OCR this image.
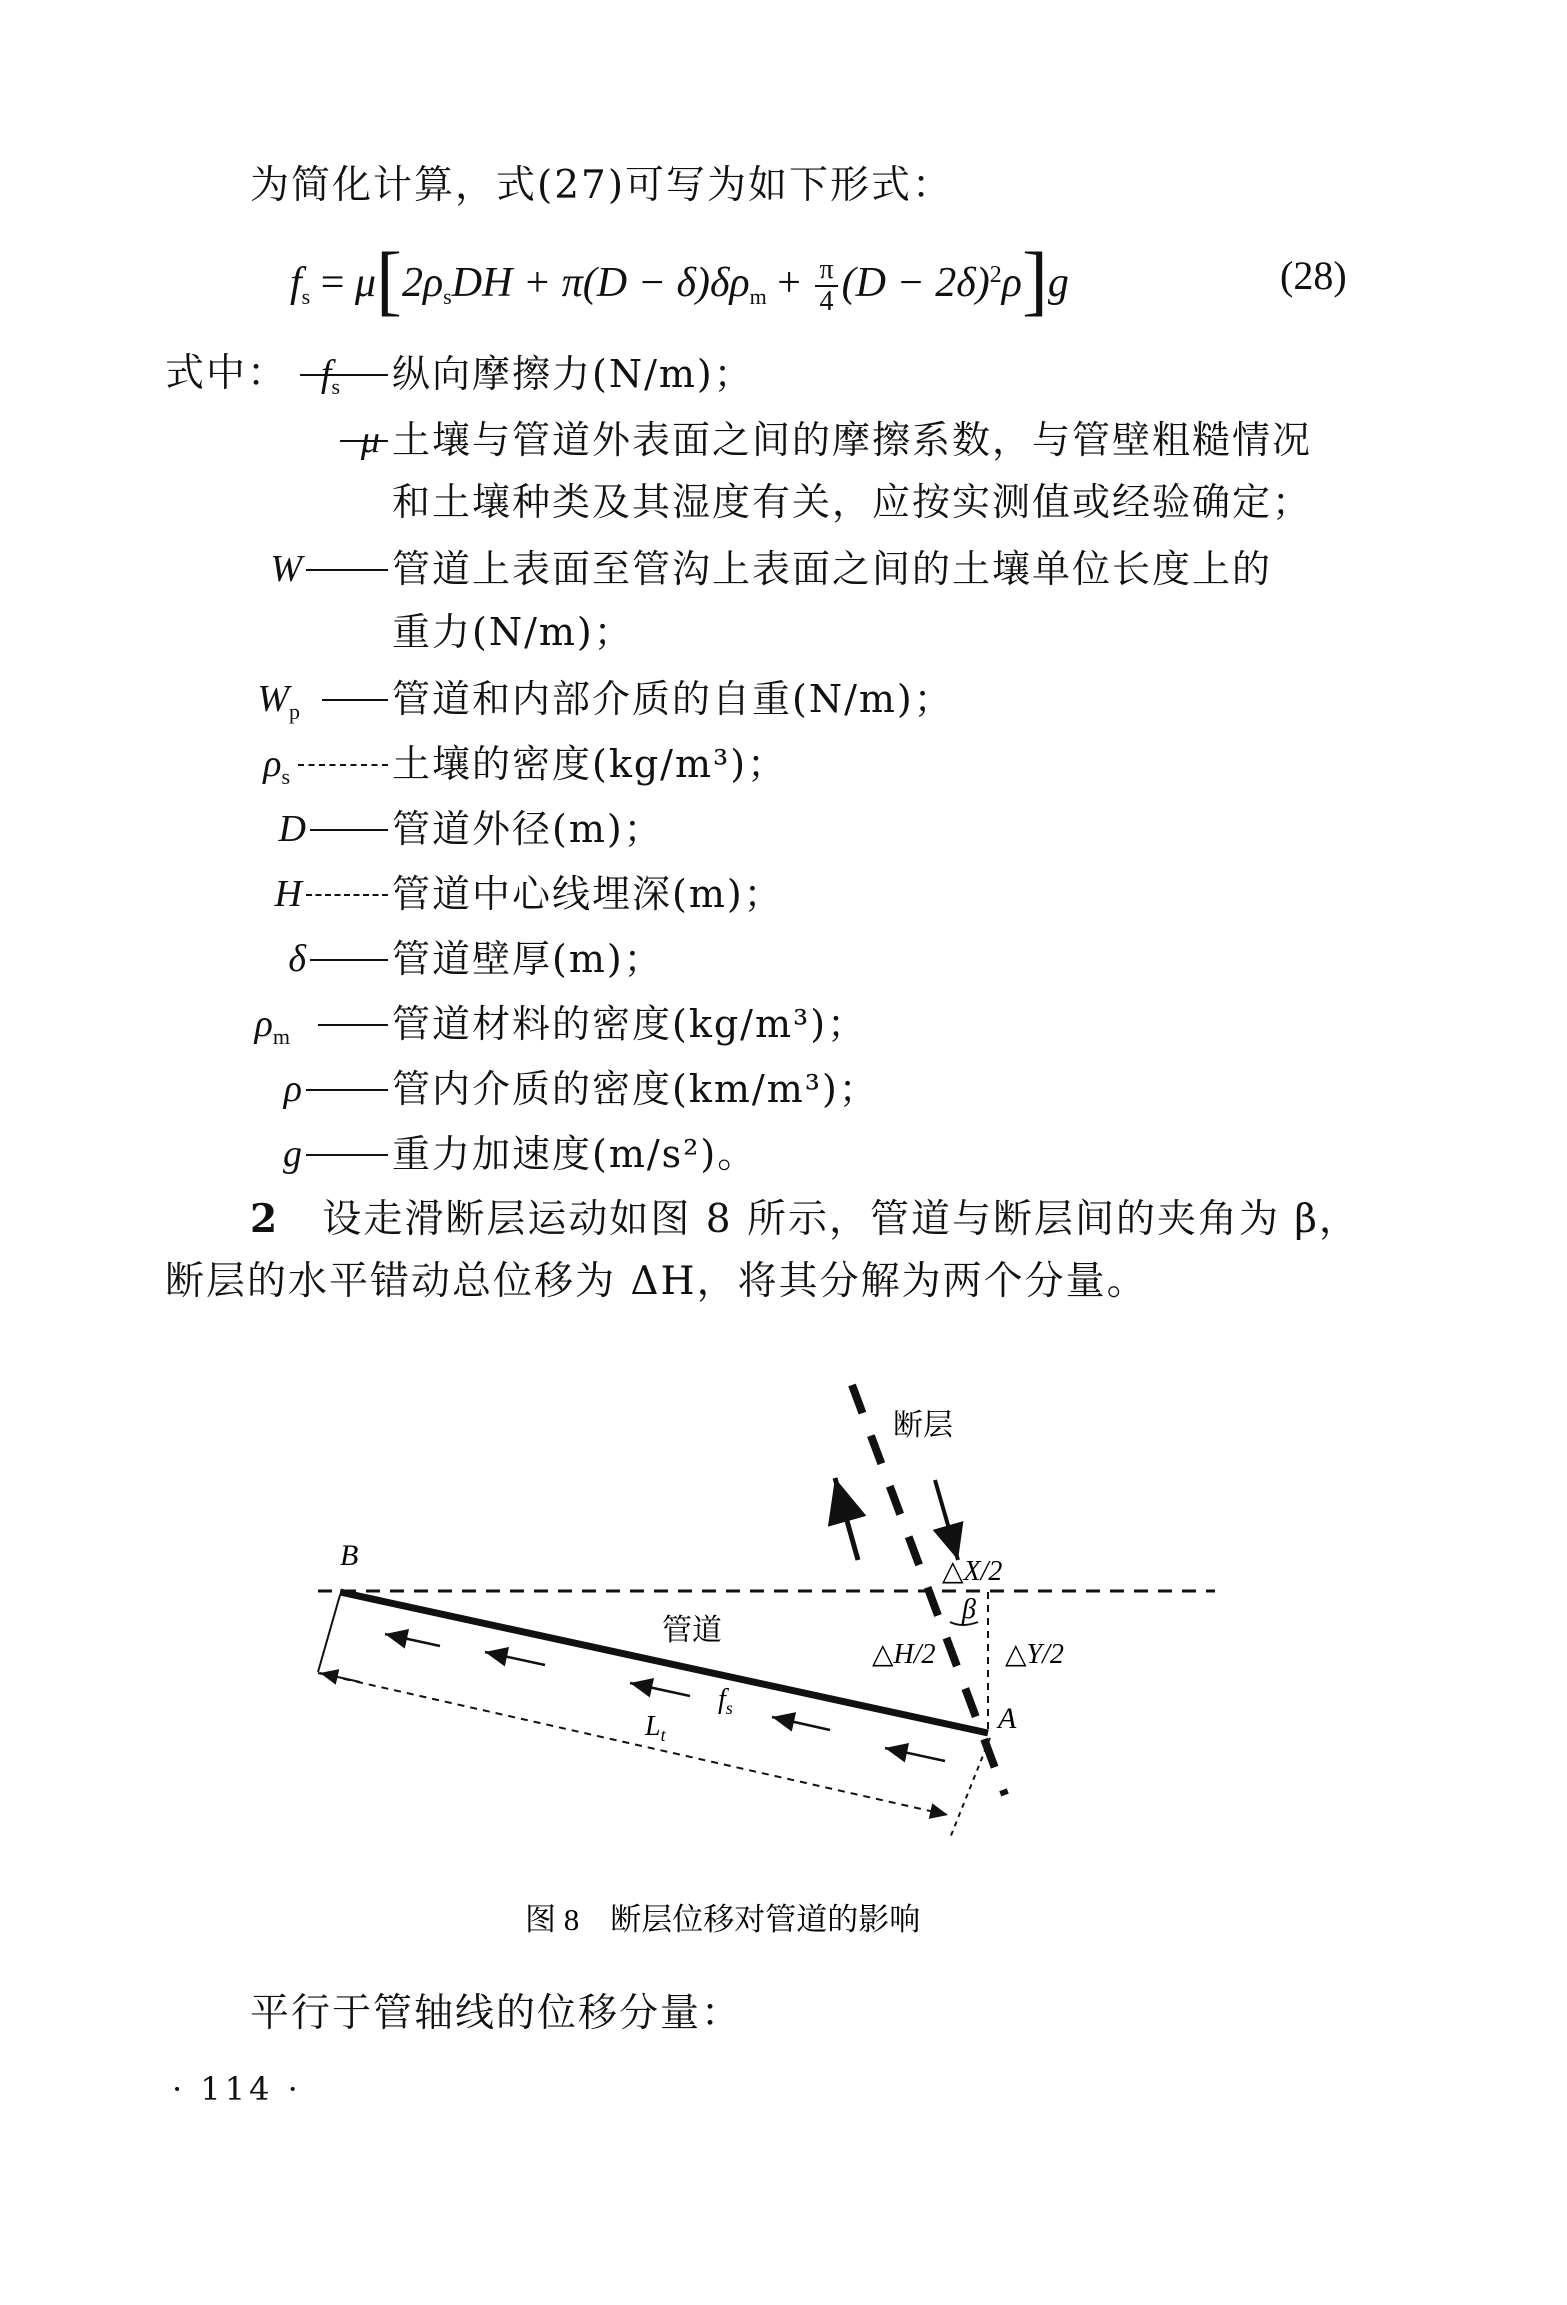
为简化计算，式(27)可写为如下形式：
$f_s = \mu[2\rho_sDH + \pi(D - \delta)\delta\rho_m + \frac{\pi}{4} (D - 2\delta)^2\rho]g$	(28)
式中： $f_s$ 纵向摩擦力(N/m)；
μ 土壤与管道外表面之间的摩擦系数，与管壁粗糙情况
和土壤种类及其湿度有关，应按实测值或经验确定；
W 管道上表面至管沟上表面之间的土壤单位长度上的
重力(N/m)；
$W_p$ 管道和内部介质的自重(N/m)；
$\rho_s$	土壤的密度(kg/m³)；
D 管道外径(m)；
H 管道中心线埋深(m)；
δ 管道壁厚(m)；
$\rho_m$	管道材料的密度(kg/m³)；
ρ 管内介质的密度(km/m³)；
g 重力加速度(m/s²)。
2 设走滑断层运动如图 8 所示，管道与断层间的夹角为 β，
断层的水平错动总位移为 ΔH，将其分解为两个分量。
断层
B
A
管道
△X/2
β
△H/2 △Y/2
$f_s$
$L_t$
图 8　断层位移对管道的影响
平行于管轴线的位移分量：
· 114 ·
